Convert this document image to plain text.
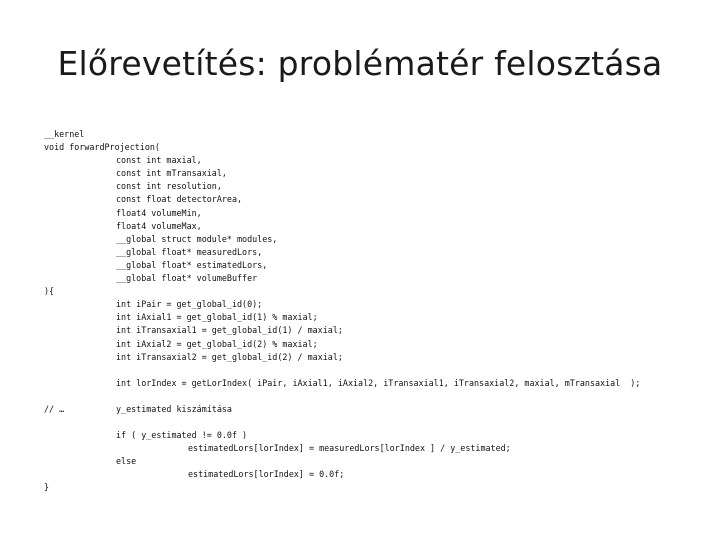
Előrevetítés: problématér felosztása
__kernel
void forwardProjection(
const int maxial,
const int mTransaxial,
const int resolution,
const float detectorArea,
float4 volumeMin,
float4 volumeMax,
__global struct module* modules,
__global float* measuredLors,
__global float* estimatedLors,
__global float* volumeBuffer
){
int iPair = get_global_id(0);
int iAxial1 = get_global_id(1) % maxial;
int iTransaxial1 = get_global_id(1) / maxial;
int iAxial2 = get_global_id(2) % maxial;
int iTransaxial2 = get_global_id(2) / maxial;
int lorIndex = getLorIndex( iPair, iAxial1, iAxial2, iTransaxial1, iTransaxial2, maxial, mTransaxial );
// …	y_estimated kiszámítása
if ( y_estimated != 0.0f )
estimatedLors[lorIndex] = measuredLors[lorIndex ] / y_estimated;
else
estimatedLors[lorIndex] = 0.0f;
}
